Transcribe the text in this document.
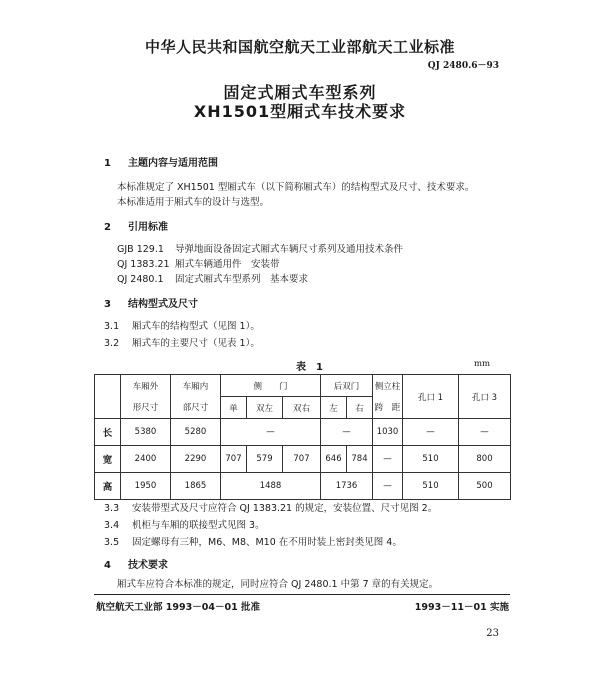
中华人民共和国航空航天工业部航天工业标准
QJ 2480.6－93
固定式厢式车型系列
XH1501型厢式车技术要求
1 主题内容与适用范围
本标准规定了 XH1501 型厢式车（以下简称厢式车）的结构型式及尺寸、技术要求。
本标准适用于厢式车的设计与选型。
2 引用标准
GJB 129.1 导弹地面设备固定式厢式车辆尺寸系列及通用技术条件
QJ 1383.21 厢式车辆通用件　安装带
QJ 2480.1 固定式厢式车型系列　基本要求
3 结构型式及尺寸
3.1 厢式车的结构型式（见图 1）。
3.2 厢式车的主要尺寸（见表 1）。
表　1	mm
	车厢外	车厢内	侧　　门			后双门		侧立柱	孔口 1	孔口 3
	形尺寸	部尺寸	单	双左	双右	左	右	跨　距		
长	5380	5280	—			—		1030	—	—
宽	2400	2290	707	579	707	646	784	—	510	800
高	1950	1865	1488			1736		—	510	500
3.3 安装带型式及尺寸应符合 QJ 1383.21 的规定，安装位置、尺寸见图 2。
3.4 机柜与车厢的联接型式见图 3。
3.5 固定螺母有三种，M6、M8、M10 在不用时装上密封类见图 4。
4 技术要求
厢式车应符合本标准的规定，同时应符合 QJ 2480.1 中第 7 章的有关规定。
航空航天工业部 1993－04－01 批准	1993－11－01 实施
23
